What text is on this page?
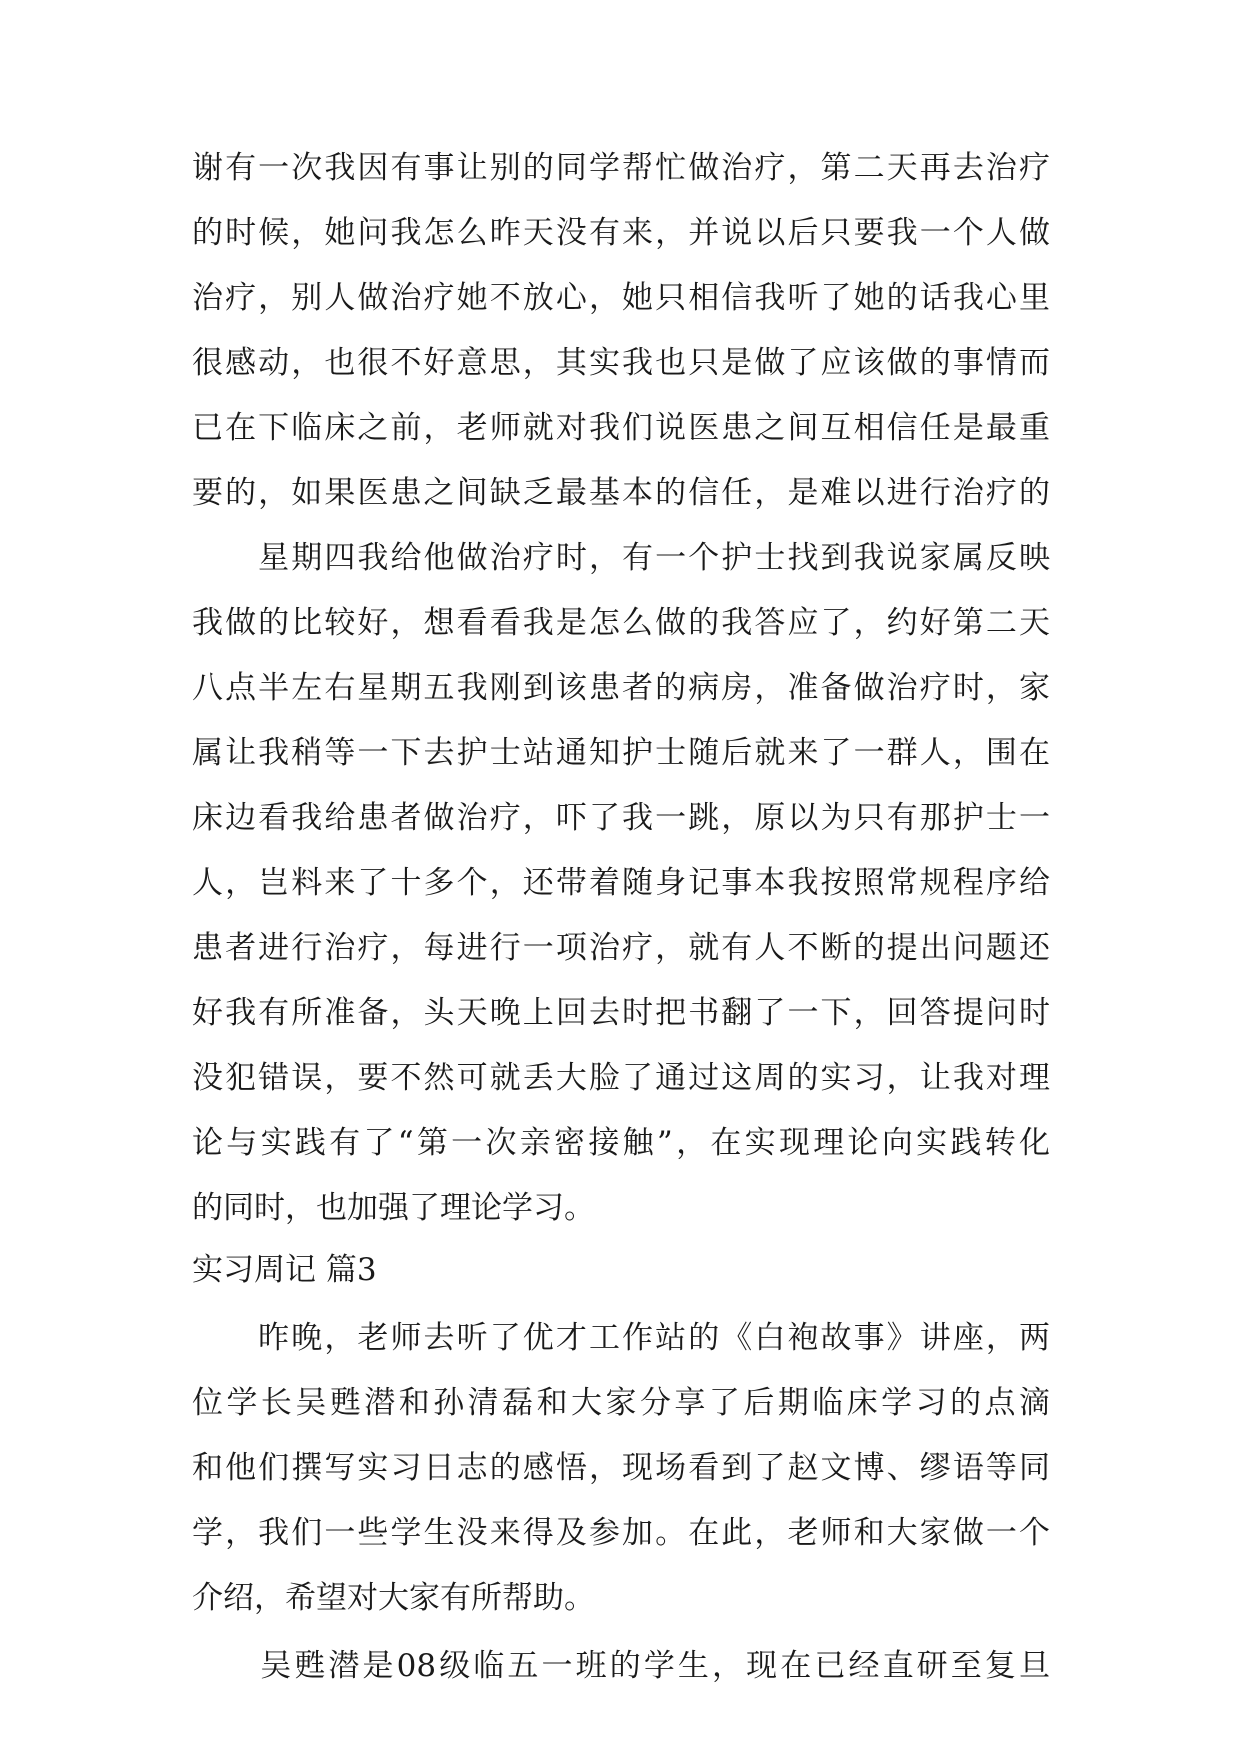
谢有一次我因有事让别的同学帮忙做治疗，第二天再去治疗
的时候，她问我怎么昨天没有来，并说以后只要我一个人做
治疗，别人做治疗她不放心，她只相信我听了她的话我心里
很感动，也很不好意思，其实我也只是做了应该做的事情而
已在下临床之前，老师就对我们说医患之间互相信任是最重
要的，如果医患之间缺乏最基本的信任，是难以进行治疗的
　　星期四我给他做治疗时，有一个护士找到我说家属反映
我做的比较好，想看看我是怎么做的我答应了，约好第二天
八点半左右星期五我刚到该患者的病房，准备做治疗时，家
属让我稍等一下去护士站通知护士随后就来了一群人，围在
床边看我给患者做治疗，吓了我一跳，原以为只有那护士一
人，岂料来了十多个，还带着随身记事本我按照常规程序给
患者进行治疗，每进行一项治疗，就有人不断的提出问题还
好我有所准备，头天晚上回去时把书翻了一下，回答提问时
没犯错误，要不然可就丢大脸了通过这周的实习，让我对理
论与实践有了“第一次亲密接触”，在实现理论向实践转化
的同时，也加强了理论学习。
实习周记 篇3
　　昨晚，老师去听了优才工作站的《白袍故事》讲座，两
位学长吴甦潜和孙清磊和大家分享了后期临床学习的点滴
和他们撰写实习日志的感悟，现场看到了赵文博、缪语等同
学，我们一些学生没来得及参加。在此，老师和大家做一个
介绍，希望对大家有所帮助。
　　吴甦潜是08级临五一班的学生，现在已经直研至复旦
